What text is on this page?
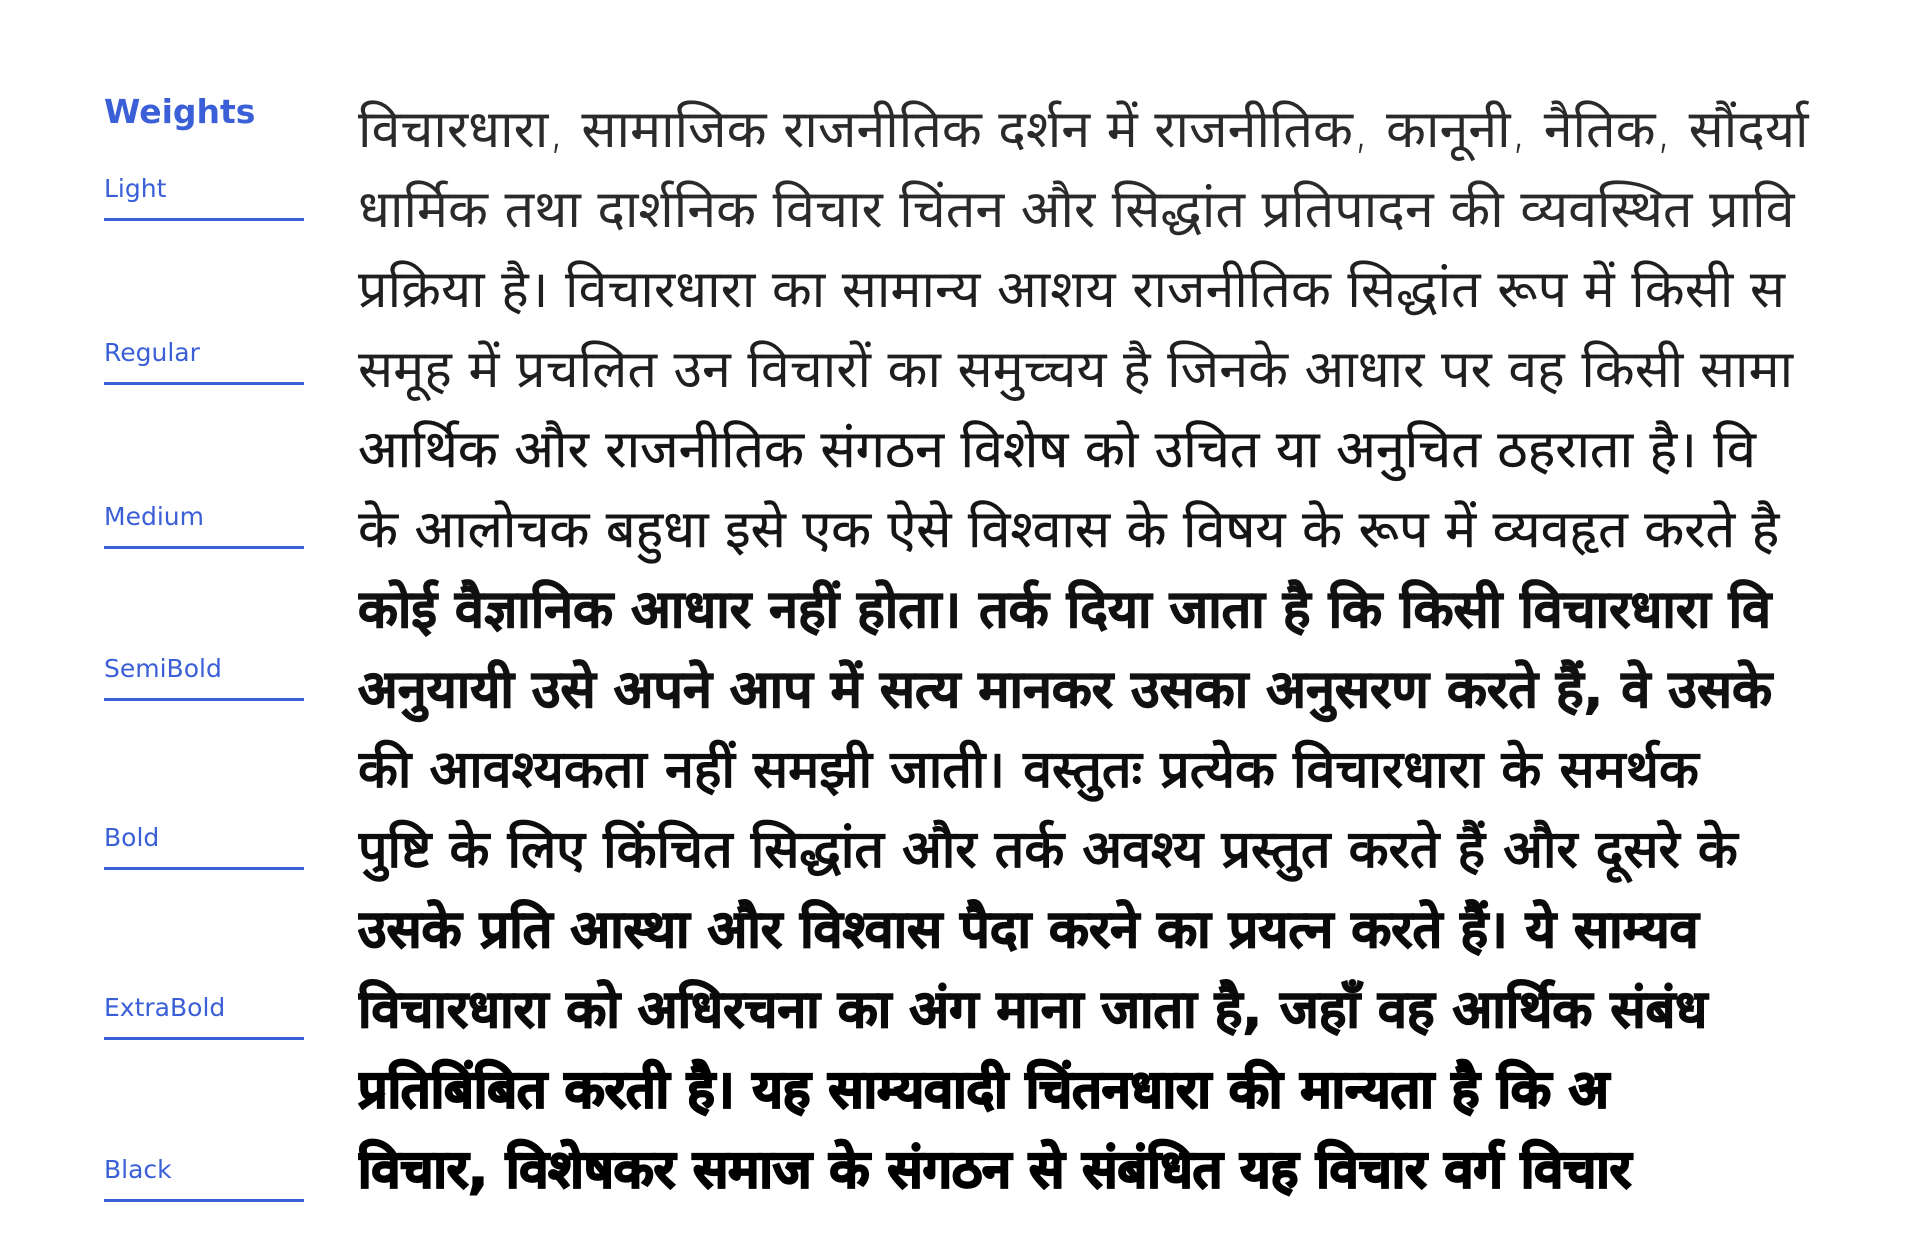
Weights
Light
Regular
Medium
SemiBold
Bold
ExtraBold
Black
विचारधारा, सामाजिक राजनीतिक दर्शन में राजनीतिक, कानूनी, नैतिक, सौंदर्या
धार्मिक तथा दार्शनिक विचार चिंतन और सिद्धांत प्रतिपादन की व्यवस्थित प्रावि
प्रक्रिया है। विचारधारा का सामान्य आशय राजनीतिक सिद्धांत रूप में किसी स
समूह में प्रचलित उन विचारों का समुच्चय है जिनके आधार पर वह किसी सामा
आर्थिक और राजनीतिक संगठन विशेष को उचित या अनुचित ठहराता है। वि
के आलोचक बहुधा इसे एक ऐसे विश्वास के विषय के रूप में व्यवहृत करते है
कोई वैज्ञानिक आधार नहीं होता। तर्क दिया जाता है कि किसी विचारधारा वि
अनुयायी उसे अपने आप में सत्य मानकर उसका अनुसरण करते हैं, वे उसके
की आवश्यकता नहीं समझी जाती। वस्तुतः प्रत्येक विचारधारा के समर्थक
पुष्टि के लिए किंचित सिद्धांत और तर्क अवश्य प्रस्तुत करते हैं और दूसरे के
उसके प्रति आस्था और विश्वास पैदा करने का प्रयत्न करते हैं। ये साम्यव
विचारधारा को अधिरचना का अंग माना जाता है, जहाँ वह आर्थिक संबंध
प्रतिबिंबित करती है। यह साम्यवादी चिंतनधारा की मान्यता है कि अ
विचार, विशेषकर समाज के संगठन से संबंधित यह विचार वर्ग विचार
